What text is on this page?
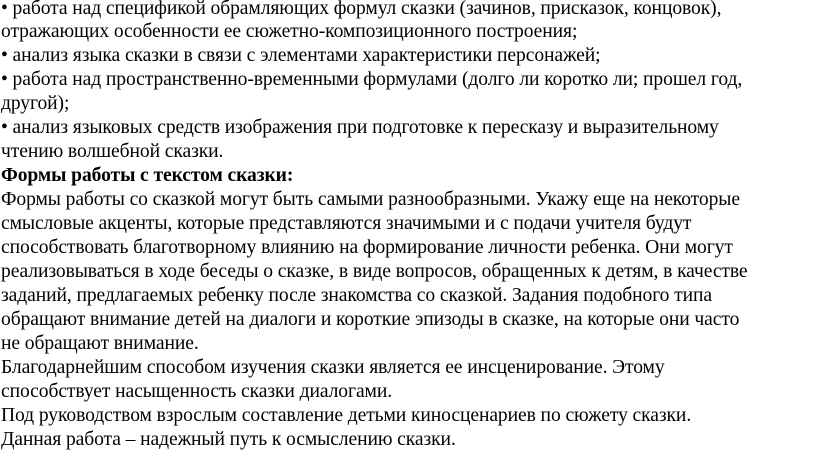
• работа над спецификой обрамляющих формул сказки (зачинов, присказок, концовок),
отражающих особенности ее сюжетно-композиционного построения;
• анализ языка сказки в связи с элементами характеристики персонажей;
• работа над пространственно-временными формулами (долго ли коротко ли; прошел год,
другой);
• анализ языковых средств изображения при подготовке к пересказу и выразительному
чтению волшебной сказки.
Формы работы с текстом сказки:
Формы работы со сказкой могут быть самыми разнообразными. Укажу еще на некоторые
смысловые акценты, которые представляются значимыми и с подачи учителя будут
способствовать благотворному влиянию на формирование личности ребенка. Они могут
реализовываться в ходе беседы о сказке, в виде вопросов, обращенных к детям, в качестве
заданий, предлагаемых ребенку после знакомства со сказкой. Задания подобного типа
обращают внимание детей на диалоги и короткие эпизоды в сказке, на которые они часто
не обращают внимание.
Благодарнейшим способом изучения сказки является ее инсценирование. Этому
способствует насыщенность сказки диалогами.
Под руководством взрослым составление детьми киносценариев по сюжету сказки.
Данная работа – надежный путь к осмыслению сказки.
